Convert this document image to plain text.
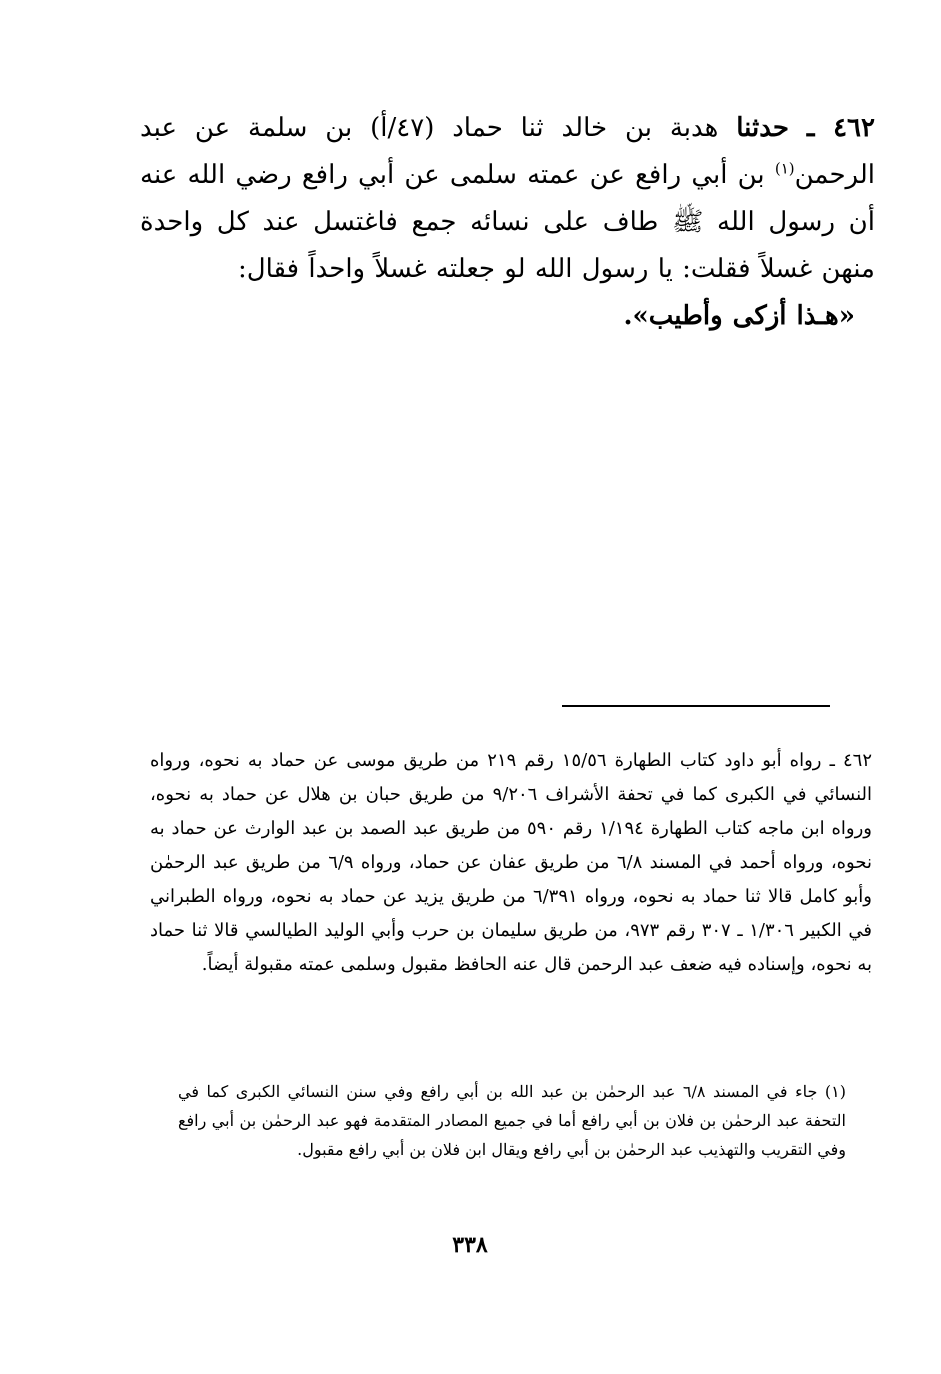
٤٦٢ ـ حدثنا هدبة بن خالد ثنا حماد (٤٧/أ) بن سلمة عن عبد الرحمن$^{(١)}$ بن أبي رافع عن عمته سلمى عن أبي رافع رضي الله عنه أن رسول الله ﷺ طاف على نسائه جمع فاغتسل عند كل واحدة منهن غسلاً فقلت: يا رسول الله لو جعلته غسلاً واحداً فقال:

«هـذا أزكى وأطيب».

٤٦٢ ـ رواه أبو داود كتاب الطهارة ١٥/٥٦ رقم ٢١٩ من طريق موسى عن حماد به نحوه، ورواه النسائي في الكبرى كما في تحفة الأشراف ٩/٢٠٦ من طريق حبان بن هلال عن حماد به نحوه، ورواه ابن ماجه كتاب الطهارة ١/١٩٤ رقم ٥٩٠ من طريق عبد الصمد بن عبد الوارث عن حماد به نحوه، ورواه أحمد في المسند ٦/٨ من طريق عفان عن حماد، ورواه ٦/٩ من طريق عبد الرحمٰن وأبو كامل قالا ثنا حماد به نحوه، ورواه ٦/٣٩١ من طريق يزيد عن حماد به نحوه، ورواه الطبراني في الكبير ١/٣٠٦ ـ ٣٠٧ رقم ٩٧٣، من طريق سليمان بن حرب وأبي الوليد الطيالسي قالا ثنا حماد به نحوه، وإسناده فيه ضعف عبد الرحمن قال عنه الحافظ مقبول وسلمى عمته مقبولة أيضاً.

(١) جاء في المسند ٦/٨ عبد الرحمٰن بن عبد الله بن أبي رافع وفي سنن النسائي الكبرى كما في التحفة عبد الرحمٰن بن فلان بن أبي رافع أما في جميع المصادر المتقدمة فهو عبد الرحمٰن بن أبي رافع وفي التقريب والتهذيب عبد الرحمٰن بن أبي رافع ويقال ابن فلان بن أبي رافع مقبول.

٣٣٨
